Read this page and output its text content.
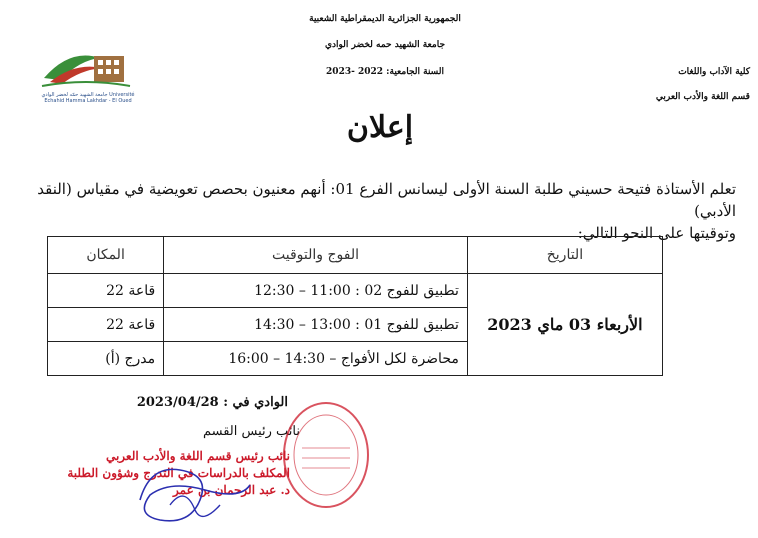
الجمهورية الجزائرية الديمقراطية الشعبية
جامعة الشهيد حمه لخضر الوادي
السنة الجامعية: 2022 -2023	كلية الآداب واللغات
قسم اللغة والأدب العربي
جامعة الشهيد حمّه لخضر الوادي Université Echahid Hamma Lakhdar - El Oued
إعلان
تعلم الأستاذة فتيحة حسيني طلبة السنة الأولى ليسانس الفرع 01: أنهم معنيون بحصص تعويضية في مقياس (النقد الأدبي)
وتوقيتها على النحو التالي:
التاريخ	الفوج والتوقيت	المكان
الأربعاء 03 ماي 2023	تطبيق للفوج 02 : 11:00 – 12:30	قاعة 22
	تطبيق للفوج 01 : 13:00 – 14:30	قاعة 22
	محاضرة لكل الأفواج – 14:30 – 16:00	مدرج (أ)
الوادي في : 2023/04/28
نائب رئيس القسم
نائب رئيس قسم اللغة والأدب العربي
المكلف بالدراسات في التدرج وشؤون الطلبة
د. عبد الرحمان بن عمر
